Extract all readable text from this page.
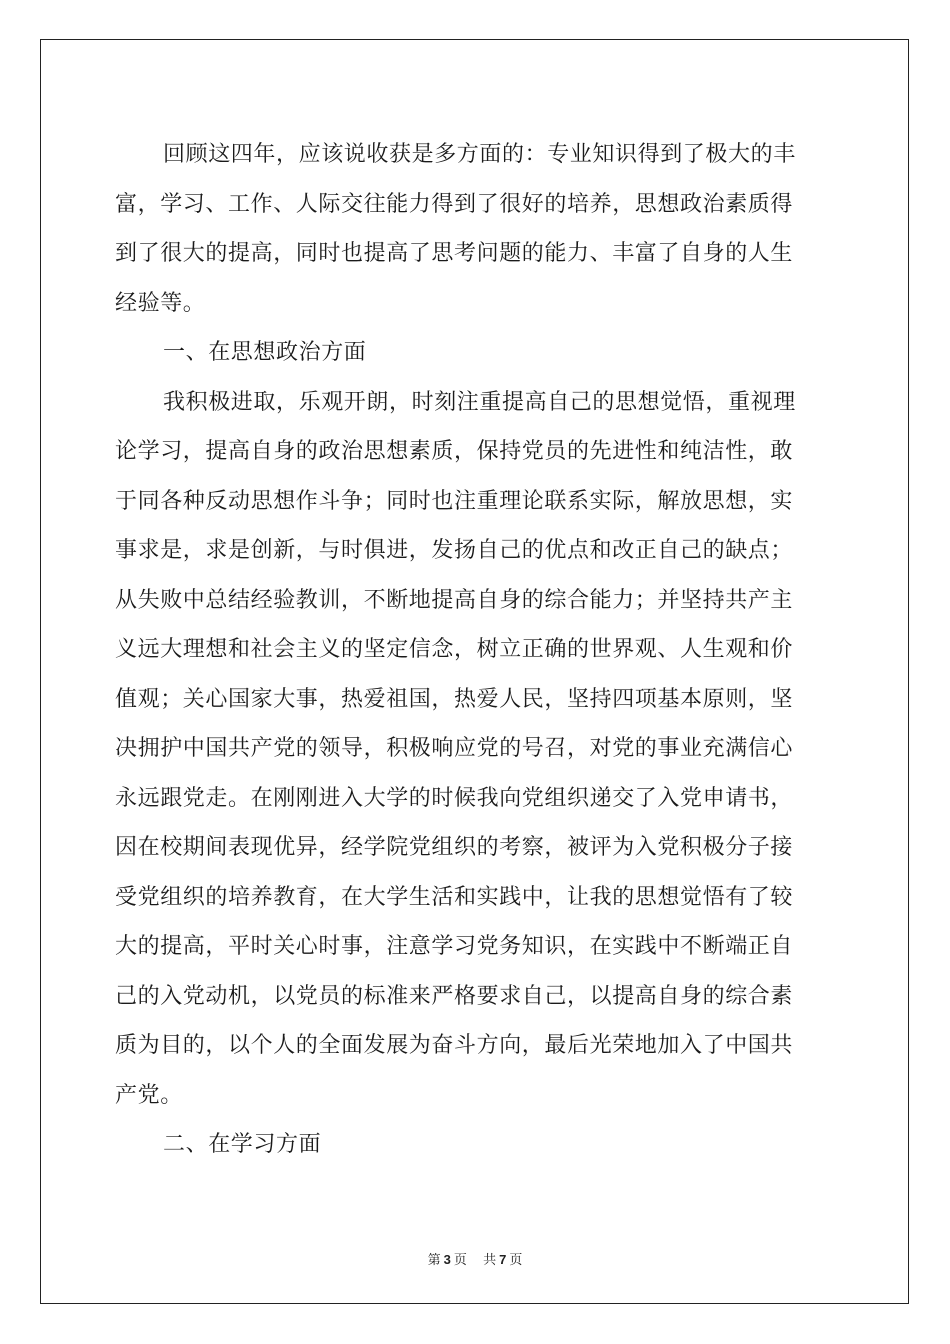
回顾这四年，应该说收获是多方面的：专业知识得到了极大的丰
富，学习、工作、人际交往能力得到了很好的培养，思想政治素质得
到了很大的提高，同时也提高了思考问题的能力、丰富了自身的人生
经验等。
一、在思想政治方面
我积极进取，乐观开朗，时刻注重提高自己的思想觉悟，重视理
论学习，提高自身的政治思想素质，保持党员的先进性和纯洁性，敢
于同各种反动思想作斗争；同时也注重理论联系实际，解放思想，实
事求是，求是创新，与时俱进，发扬自己的优点和改正自己的缺点；
从失败中总结经验教训，不断地提高自身的综合能力；并坚持共产主
义远大理想和社会主义的坚定信念，树立正确的世界观、人生观和价
值观；关心国家大事，热爱祖国，热爱人民，坚持四项基本原则，坚
决拥护中国共产党的领导，积极响应党的号召，对党的事业充满信心
永远跟党走。在刚刚进入大学的时候我向党组织递交了入党申请书，
因在校期间表现优异，经学院党组织的考察，被评为入党积极分子接
受党组织的培养教育，在大学生活和实践中，让我的思想觉悟有了较
大的提高，平时关心时事，注意学习党务知识，在实践中不断端正自
己的入党动机，以党员的标准来严格要求自己，以提高自身的综合素
质为目的，以个人的全面发展为奋斗方向，最后光荣地加入了中国共
产党。
二、在学习方面
第 3 页 共 7 页
